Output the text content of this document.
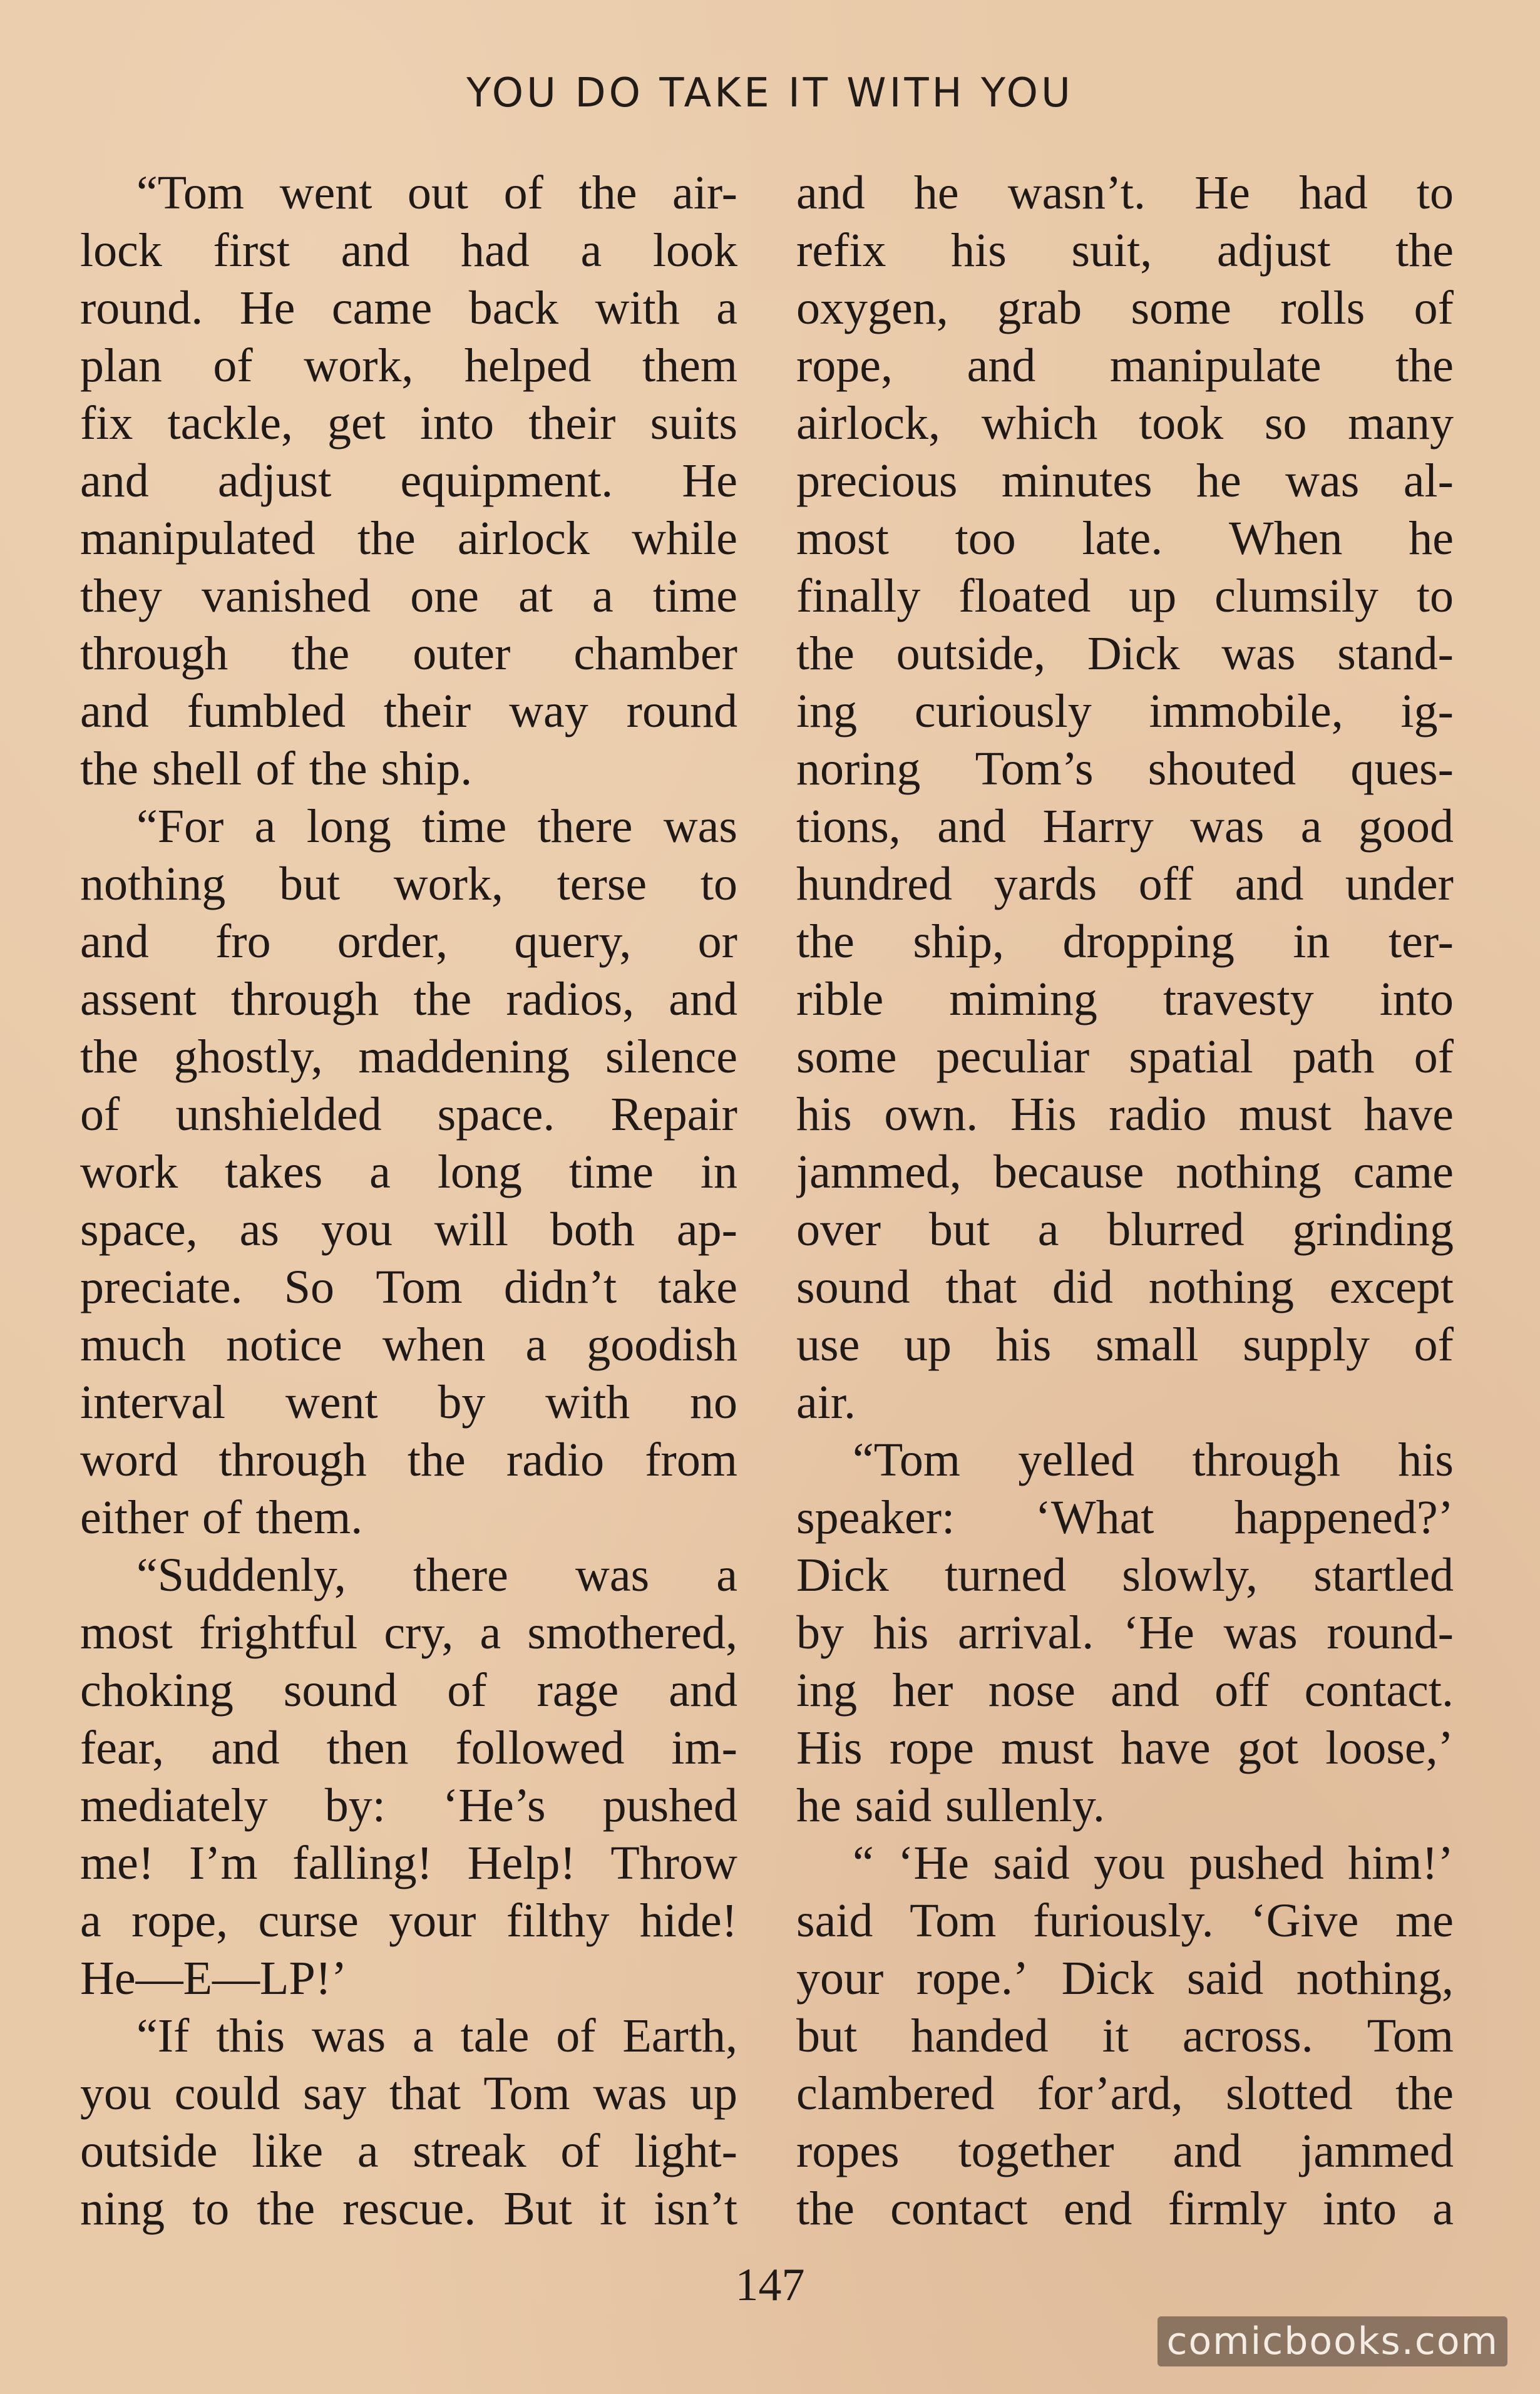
YOU DO TAKE IT WITH YOU
“Tom went out of the air-
lock first and had a look
round. He came back with a
plan of work, helped them
fix tackle, get into their suits
and adjust equipment. He
manipulated the airlock while
they vanished one at a time
through the outer chamber
and fumbled their way round
the shell of the ship.
“For a long time there was
nothing but work, terse to
and fro order, query, or
assent through the radios, and
the ghostly, maddening silence
of unshielded space. Repair
work takes a long time in
space, as you will both ap-
preciate. So Tom didn’t take
much notice when a goodish
interval went by with no
word through the radio from
either of them.
“Suddenly, there was a
most frightful cry, a smothered,
choking sound of rage and
fear, and then followed im-
mediately by: ‘He’s pushed
me! I’m falling! Help! Throw
a rope, curse your filthy hide!
He—E—LP!’
“If this was a tale of Earth,
you could say that Tom was up
outside like a streak of light-
ning to the rescue. But it isn’t
and he wasn’t. He had to
refix his suit, adjust the
oxygen, grab some rolls of
rope, and manipulate the
airlock, which took so many
precious minutes he was al-
most too late. When he
finally floated up clumsily to
the outside, Dick was stand-
ing curiously immobile, ig-
noring Tom’s shouted ques-
tions, and Harry was a good
hundred yards off and under
the ship, dropping in ter-
rible miming travesty into
some peculiar spatial path of
his own. His radio must have
jammed, because nothing came
over but a blurred grinding
sound that did nothing except
use up his small supply of
air.
“Tom yelled through his
speaker: ‘What happened?’
Dick turned slowly, startled
by his arrival. ‘He was round-
ing her nose and off contact.
His rope must have got loose,’
he said sullenly.
“ ‘He said you pushed him!’
said Tom furiously. ‘Give me
your rope.’ Dick said nothing,
but handed it across. Tom
clambered for’ard, slotted the
ropes together and jammed
the contact end firmly into a
147
comicbooks.com
